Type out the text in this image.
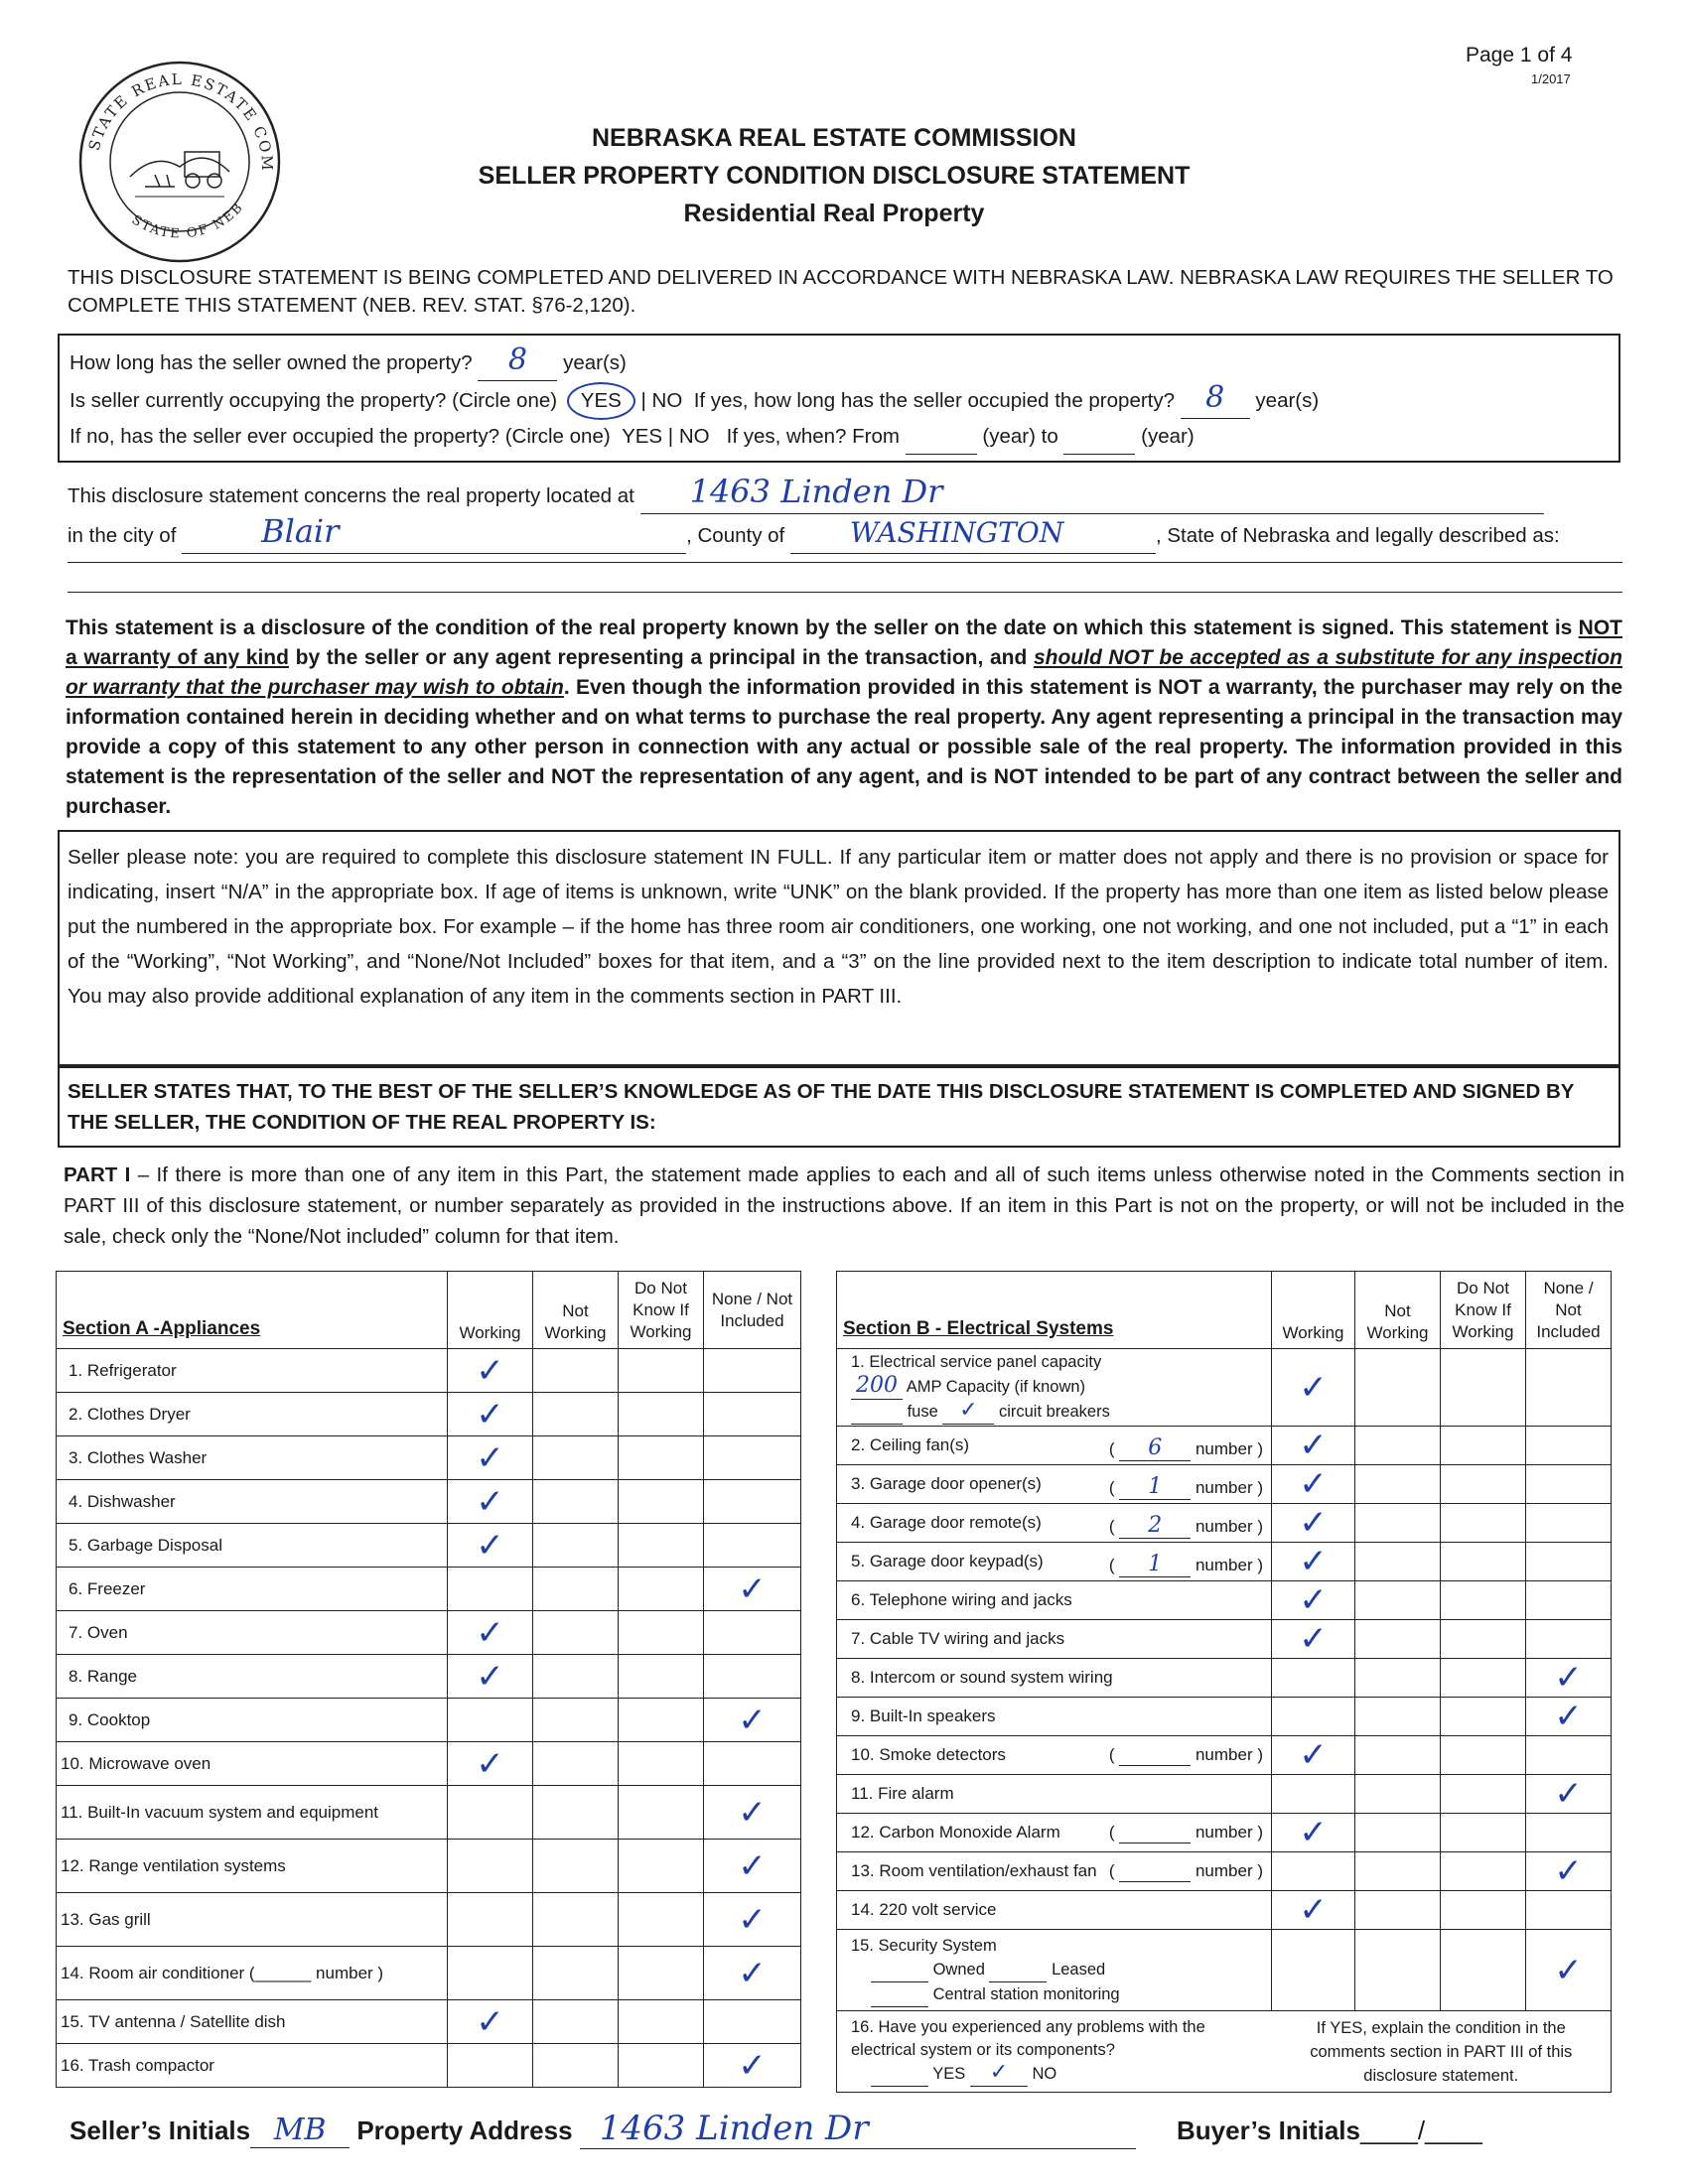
Page 1 of 4
1/2017
STATE REAL ESTATE COM
STATE OF NEB
NEBRASKA REAL ESTATE COMMISSION
SELLER PROPERTY CONDITION DISCLOSURE STATEMENT
Residential Real Property
THIS DISCLOSURE STATEMENT IS BEING COMPLETED AND DELIVERED IN ACCORDANCE WITH NEBRASKA LAW. NEBRASKA LAW REQUIRES THE SELLER TO COMPLETE THIS STATEMENT (NEB. REV. STAT. §76-2,120).
How long has the seller owned the property? 8 year(s)
Is seller currently occupying the property? (Circle one) YES | NO If yes, how long has the seller occupied the property? 8 year(s)
If no, has the seller ever occupied the property? (Circle one) YES | NO If yes, when? From	(year) to	(year)
This disclosure statement concerns the real property located at 1463 Linden Dr
in the city of	Blair	, County of WASHINGTON	, State of Nebraska and legally described as:
This statement is a disclosure of the condition of the real property known by the seller on the date on which this statement is signed. This statement is NOT a warranty of any kind by the seller or any agent representing a principal in the transaction, and should NOT be accepted as a substitute for any inspection or warranty that the purchaser may wish to obtain. Even though the information provided in this statement is NOT a warranty, the purchaser may rely on the information contained herein in deciding whether and on what terms to purchase the real property. Any agent representing a principal in the transaction may provide a copy of this statement to any other person in connection with any actual or possible sale of the real property. The information provided in this statement is the representation of the seller and NOT the representation of any agent, and is NOT intended to be part of any contract between the seller and purchaser.
Seller please note: you are required to complete this disclosure statement IN FULL. If any particular item or matter does not apply and there is no provision or space for indicating, insert “N/A” in the appropriate box. If age of items is unknown, write “UNK” on the blank provided. If the property has more than one item as listed below please put the numbered in the appropriate box. For example – if the home has three room air conditioners, one working, one not working, and one not included, put a “1” in each of the “Working”, “Not Working”, and “None/Not Included” boxes for that item, and a “3” on the line provided next to the item description to indicate total number of item. You may also provide additional explanation of any item in the comments section in PART III.
SELLER STATES THAT, TO THE BEST OF THE SELLER’S KNOWLEDGE AS OF THE DATE THIS DISCLOSURE STATEMENT IS COMPLETED AND SIGNED BY THE SELLER, THE CONDITION OF THE REAL PROPERTY IS:
PART I – If there is more than one of any item in this Part, the statement made applies to each and all of such items unless otherwise noted in the Comments section in PART III of this disclosure statement, or number separately as provided in the instructions above. If an item in this Part is not on the property, or will not be included in the sale, check only the “None/Not included” column for that item.
Section A -Appliances	Working	Not Working	Do Not Know If Working	None / Not Included
1. Refrigerator	✓			
2. Clothes Dryer	✓			
3. Clothes Washer	✓			
4. Dishwasher	✓			
5. Garbage Disposal	✓			
6. Freezer				✓
7. Oven	✓			
8. Range	✓			
9. Cooktop				✓
10. Microwave oven	✓			
11. Built-In vacuum system and equipment				✓
12. Range ventilation systems				✓
13. Gas grill				✓
14. Room air conditioner (______ number )				✓
15. TV antenna / Satellite dish	✓			
16. Trash compactor				✓
Section B - Electrical Systems	Working	Not Working	Do Not Know If Working	None / Not Included

1. Electrical service panel capacity
200 AMP Capacity (if known)
fuse ✓ circuit breakers	✓			
2. Ceiling fan(s) ( 6 number )	✓			
3. Garage door opener(s) ( 1 number )	✓			
4. Garage door remote(s) ( 2 number )	✓			
5. Garage door keypad(s) ( 1 number )	✓			
6. Telephone wiring and jacks	✓			
7. Cable TV wiring and jacks	✓			
8. Intercom or sound system wiring				✓
9. Built-In speakers				✓
10. Smoke detectors ( number )	✓			
11. Fire alarm				✓
12. Carbon Monoxide Alarm ( number )	✓			
13. Room ventilation/exhaust fan ( number )				✓
14. 220 volt service	✓			

15. Security System
Owned Leased
Central station monitoring				✓

16. Have you experienced any problems with the electrical system or its components?
YES ✓ NO	If YES, explain the condition in the comments section in PART III of this disclosure statement.			
Seller’s Initials MB Property Address 1463 Linden Dr	Buyer’s Initials____/____
